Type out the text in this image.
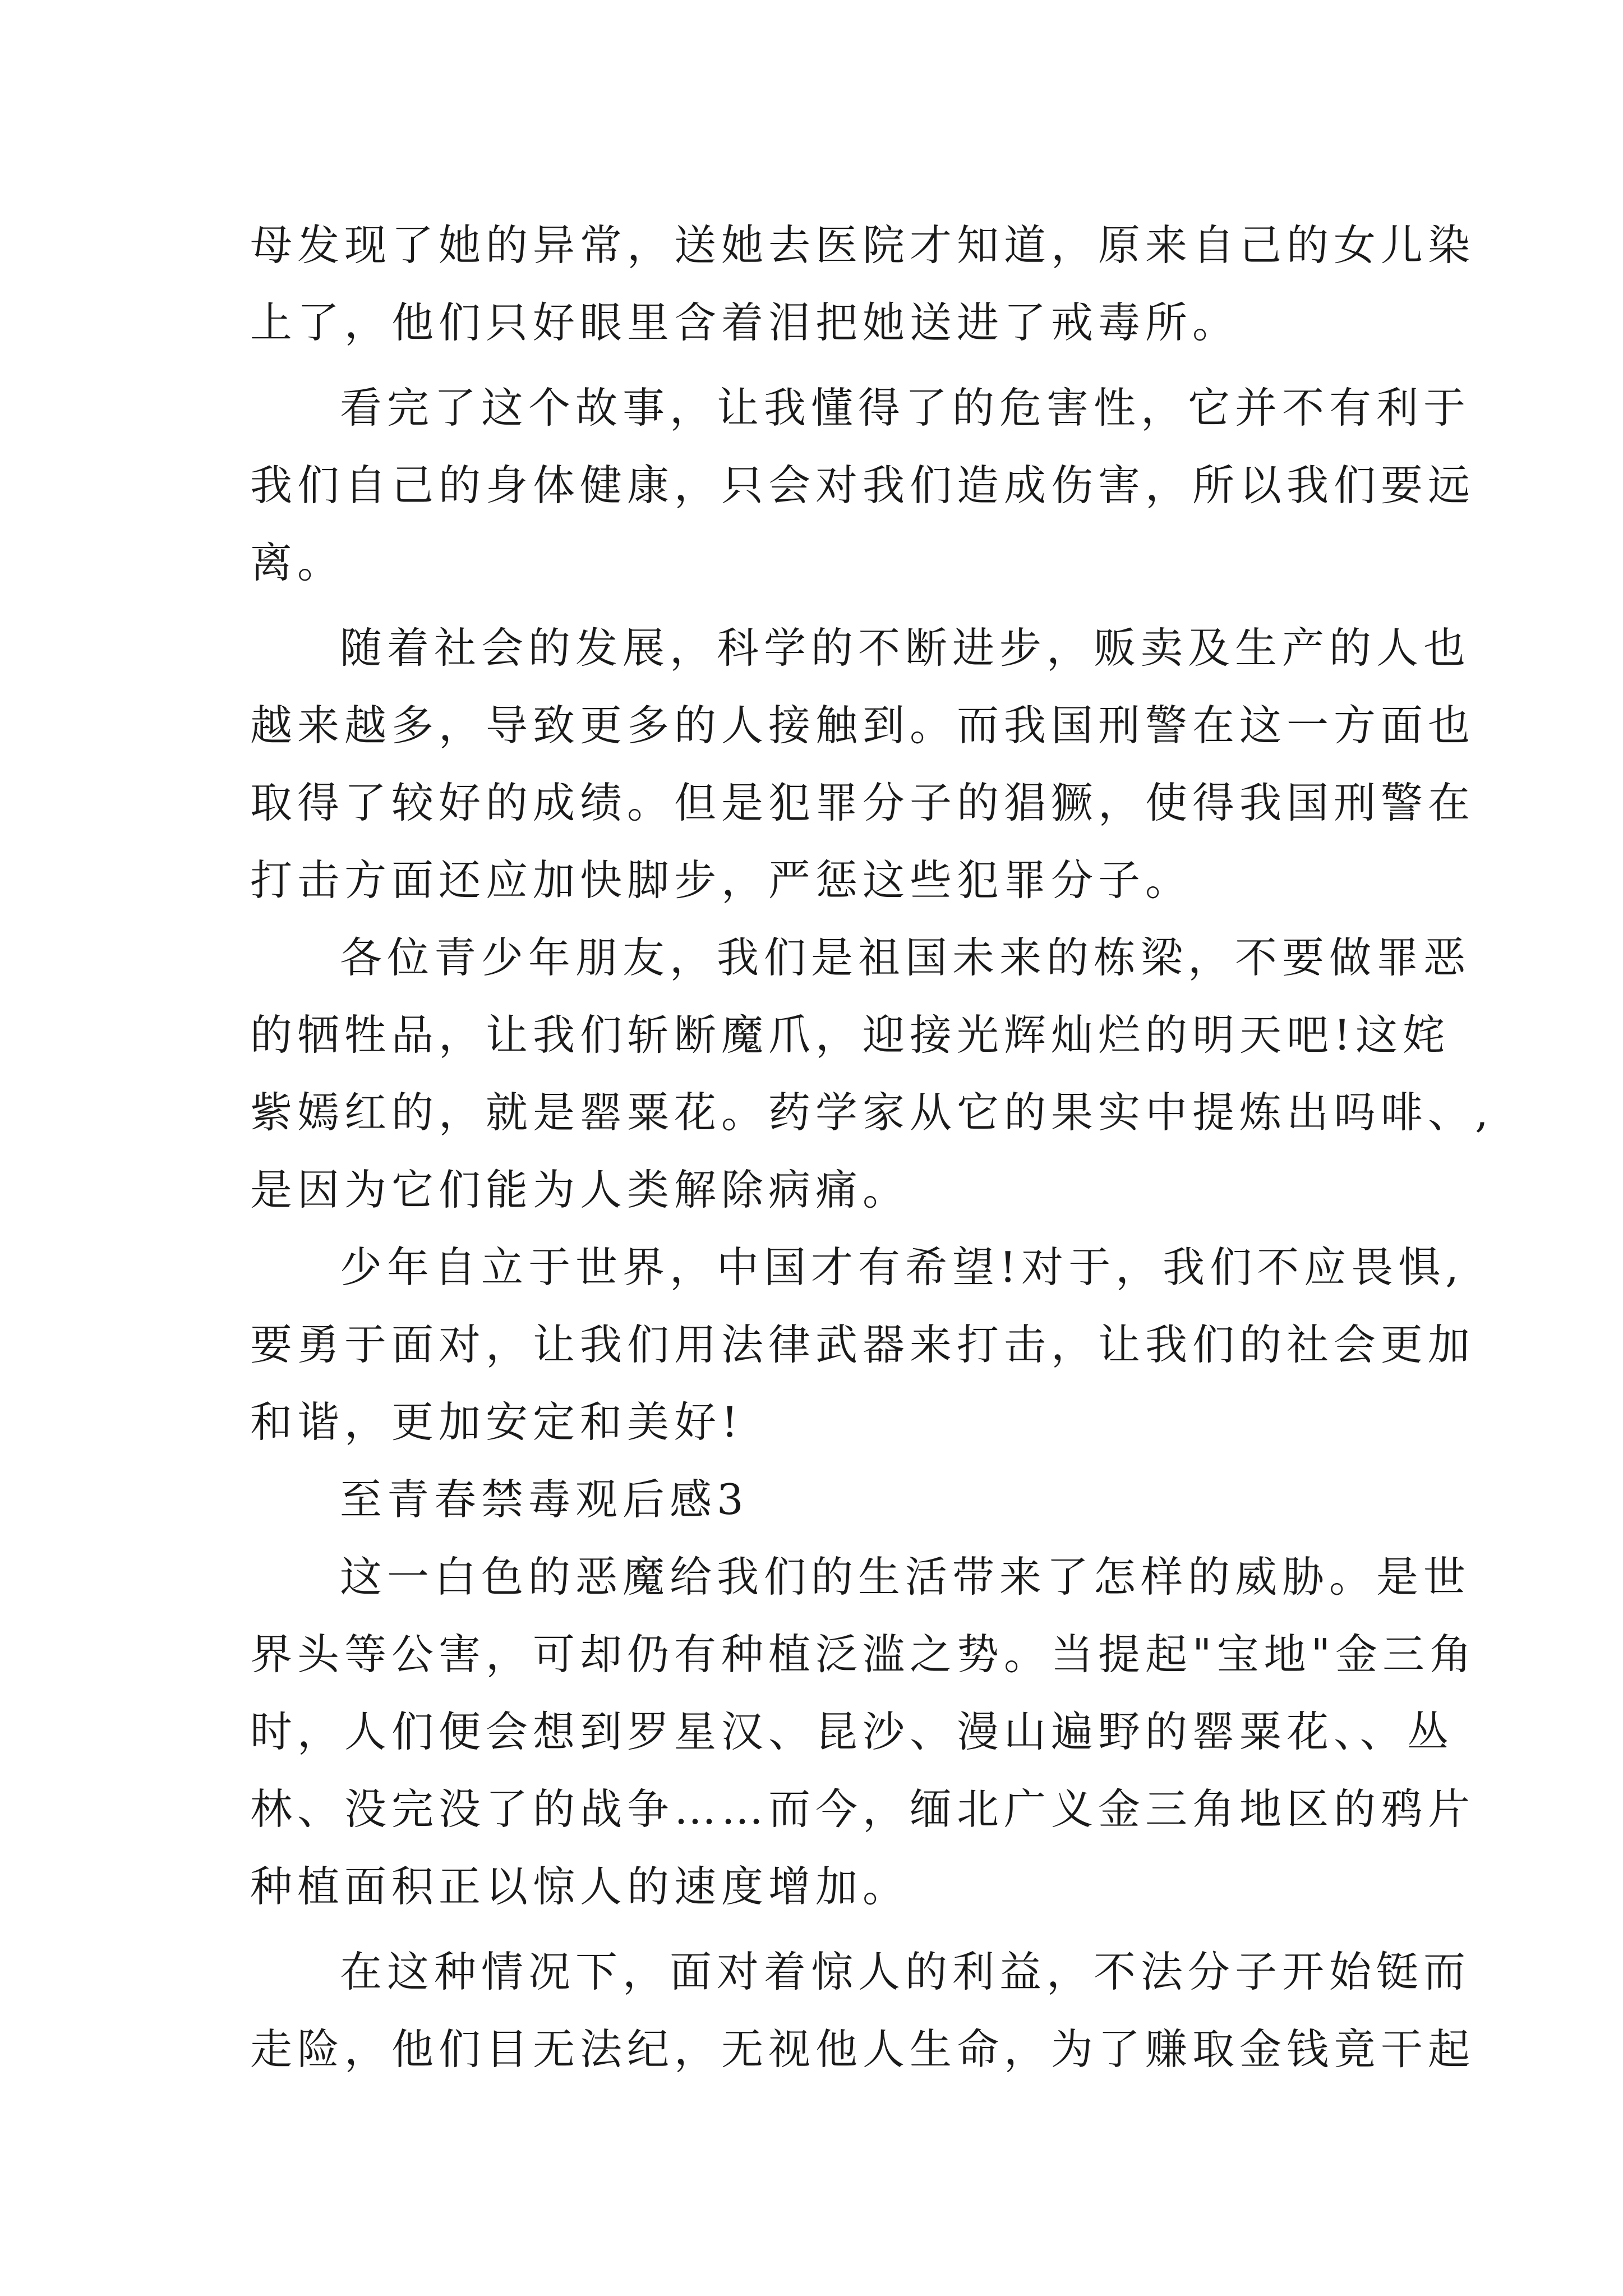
母发现了她的异常，送她去医院才知道，原来自己的女儿染
上了，他们只好眼里含着泪把她送进了戒毒所。
看完了这个故事，让我懂得了的危害性，它并不有利于
我们自己的身体健康，只会对我们造成伤害，所以我们要远
离。
随着社会的发展，科学的不断进步，贩卖及生产的人也
越来越多，导致更多的人接触到。而我国刑警在这一方面也
取得了较好的成绩。但是犯罪分子的猖獗，使得我国刑警在
打击方面还应加快脚步，严惩这些犯罪分子。
各位青少年朋友，我们是祖国未来的栋梁，不要做罪恶
的牺牲品，让我们斩断魔爪，迎接光辉灿烂的明天吧!这姹
紫嫣红的，就是罂粟花。药学家从它的果实中提炼出吗啡、,
是因为它们能为人类解除病痛。
少年自立于世界，中国才有希望!对于，我们不应畏惧,
要勇于面对，让我们用法律武器来打击，让我们的社会更加
和谐，更加安定和美好!
至青春禁毒观后感3
这一白色的恶魔给我们的生活带来了怎样的威胁。是世
界头等公害，可却仍有种植泛滥之势。当提起"宝地"金三角
时，人们便会想到罗星汉、昆沙、漫山遍野的罂粟花、、丛
林、没完没了的战争……而今，缅北广义金三角地区的鸦片
种植面积正以惊人的速度增加。
在这种情况下，面对着惊人的利益，不法分子开始铤而
走险，他们目无法纪，无视他人生命，为了赚取金钱竟干起
